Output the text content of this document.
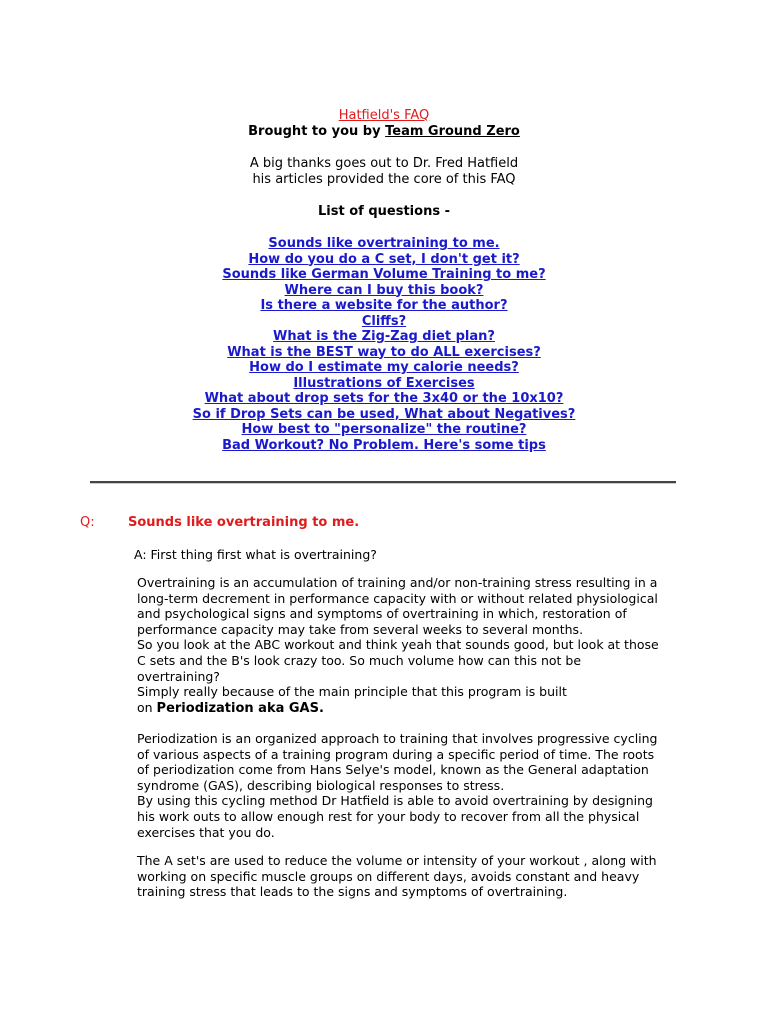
Hatfield's FAQ
Brought to you by Team Ground Zero
A big thanks goes out to Dr. Fred Hatfield
his articles provided the core of this FAQ
List of questions -
Sounds like overtraining to me.
How do you do a C set, I don't get it?
Sounds like German Volume Training to me?
Where can I buy this book?
Is there a website for the author?
Cliffs?
What is the Zig-Zag diet plan?
What is the BEST way to do ALL exercises?
How do I estimate my calorie needs?
Illustrations of Exercises
What about drop sets for the 3x40 or the 10x10?
So if Drop Sets can be used, What about Negatives?
How best to "personalize" the routine?
Bad Workout? No Problem. Here's some tips
Q:	Sounds like overtraining to me.
A: First thing first what is overtraining?

Overtraining is an accumulation of training and/or non-training stress resulting in a

long-term decrement in performance capacity with or without related physiological

and psychological signs and symptoms of overtraining in which, restoration of

performance capacity may take from several weeks to several months.

So you look at the ABC workout and think yeah that sounds good, but look at those

C sets and the B's look crazy too. So much volume how can this not be

overtraining?

Simply really because of the main principle that this program is built

on Periodization aka GAS.

Periodization is an organized approach to training that involves progressive cycling

of various aspects of a training program during a specific period of time. The roots

of periodization come from Hans Selye's model, known as the General adaptation

syndrome (GAS), describing biological responses to stress.

By using this cycling method Dr Hatfield is able to avoid overtraining by designing

his work outs to allow enough rest for your body to recover from all the physical

exercises that you do.

The A set's are used to reduce the volume or intensity of your workout , along with

working on specific muscle groups on different days, avoids constant and heavy

training stress that leads to the signs and symptoms of overtraining.
